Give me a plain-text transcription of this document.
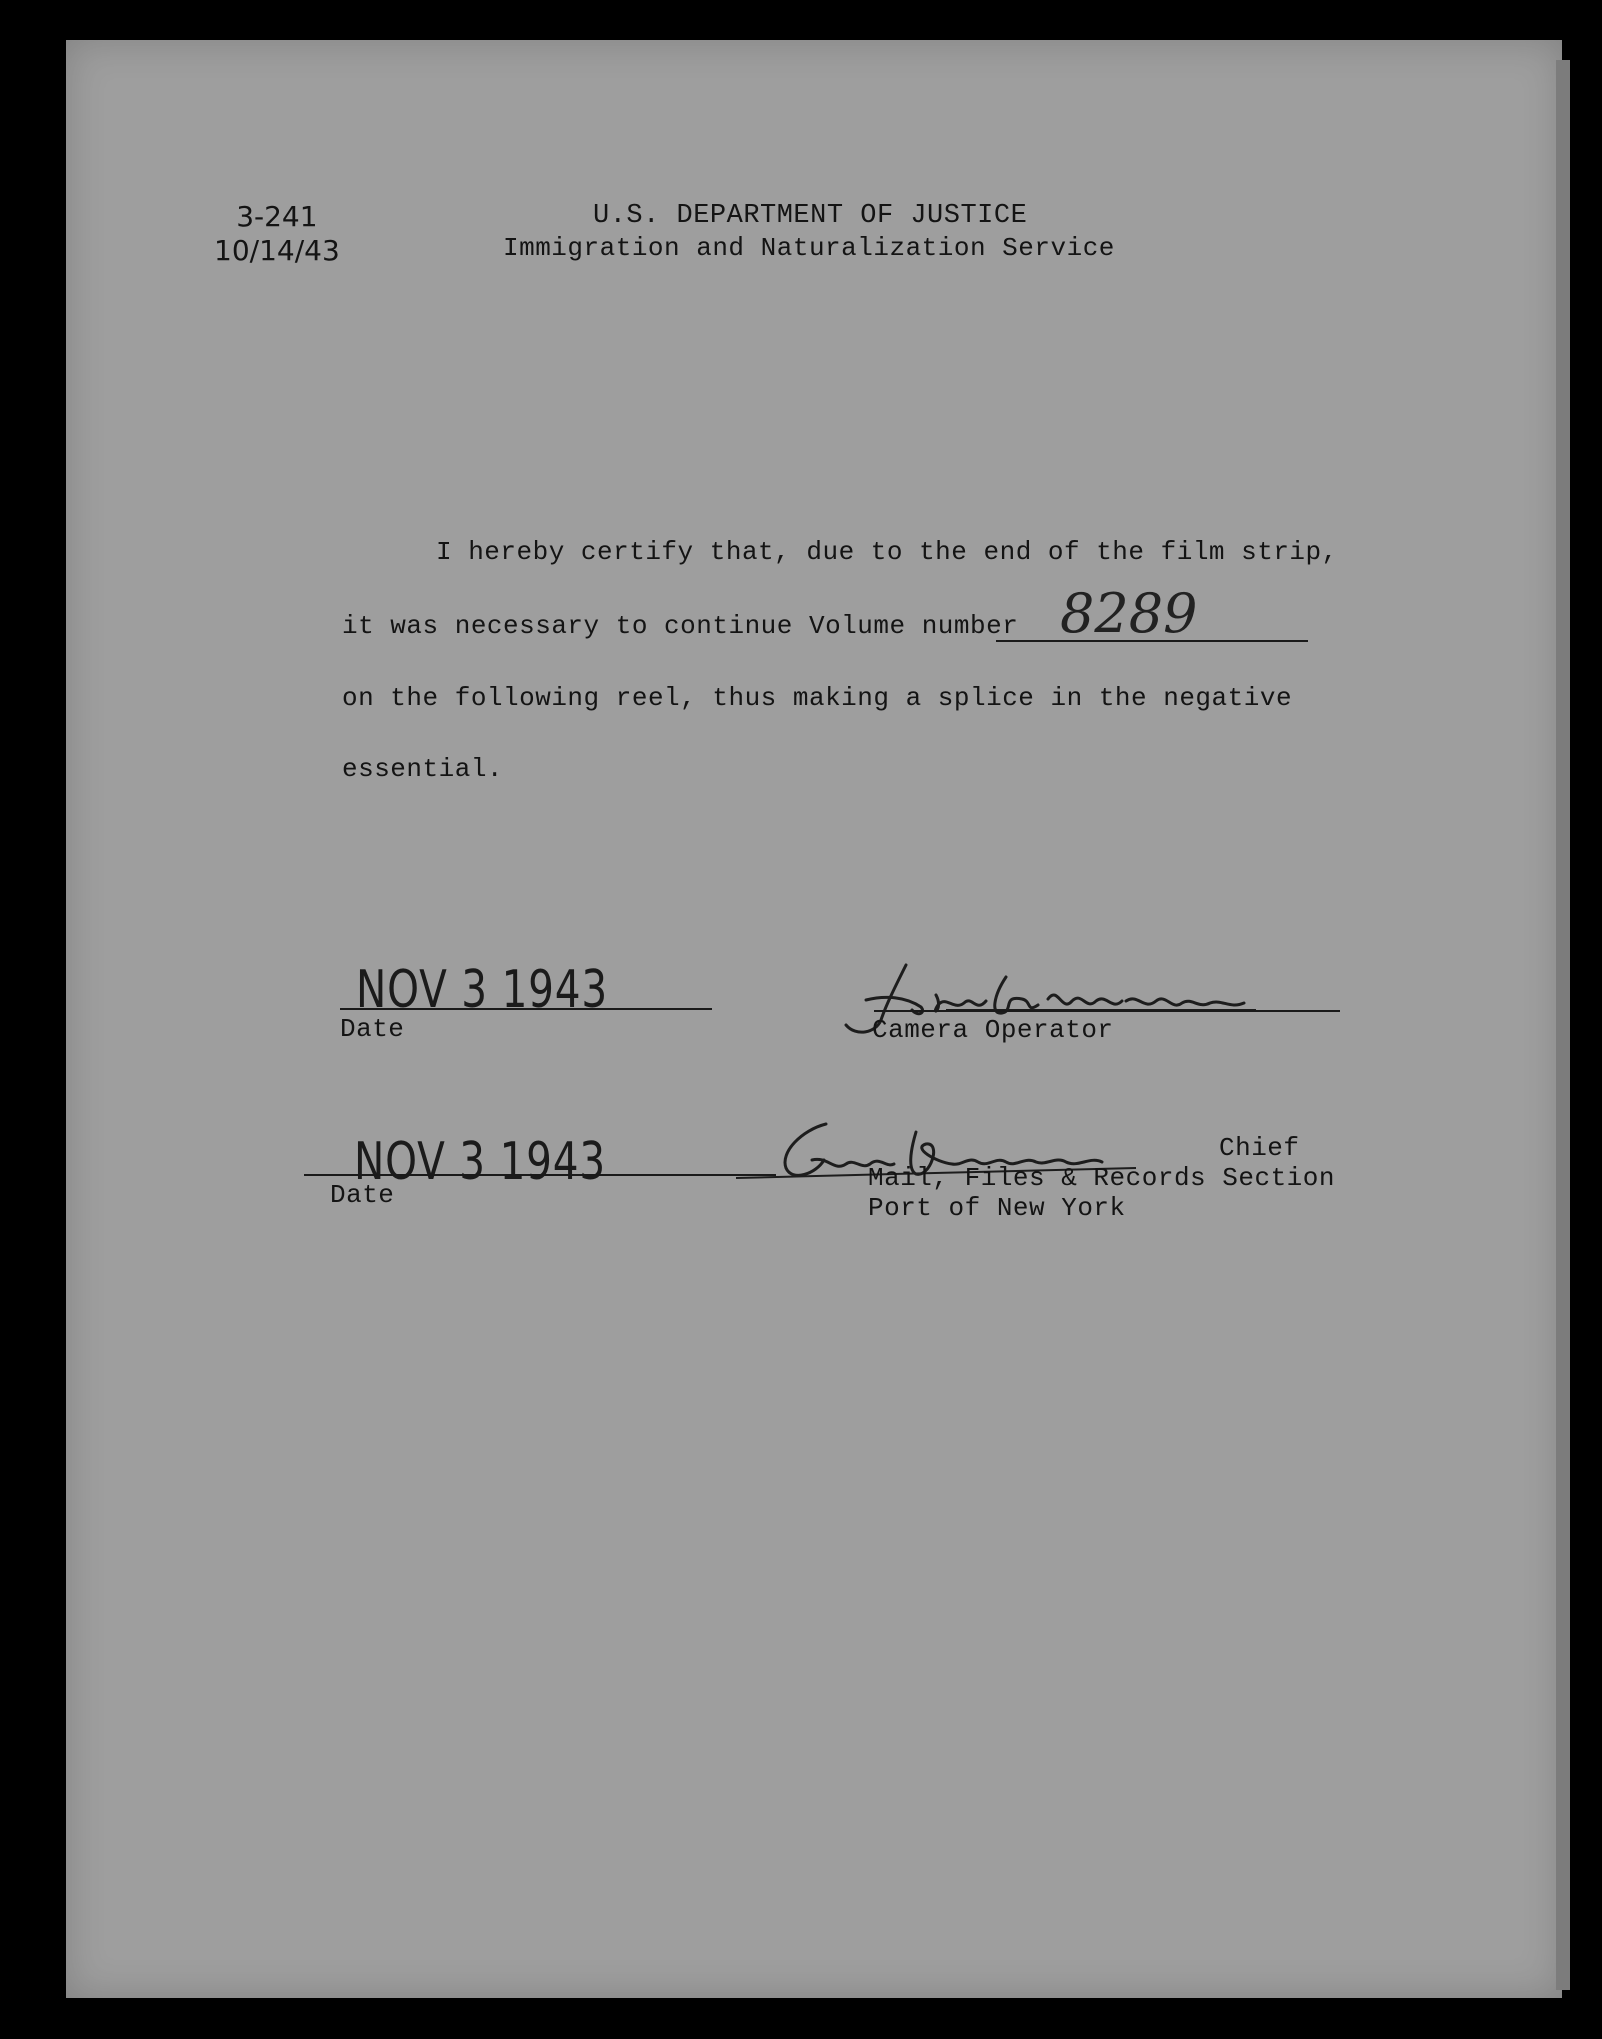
3-241
10/14/43
U.S. DEPARTMENT OF JUSTICE
Immigration and Naturalization Service
I hereby certify that, due to the end of the film strip,
it was necessary to continue Volume number 8289
on the following reel, thus making a splice in the negative
essential.
NOV 3 1943
Date	Camera Operator
NOV 3 1943
Date
Chief
Mail, Files & Records Section
Port of New York
